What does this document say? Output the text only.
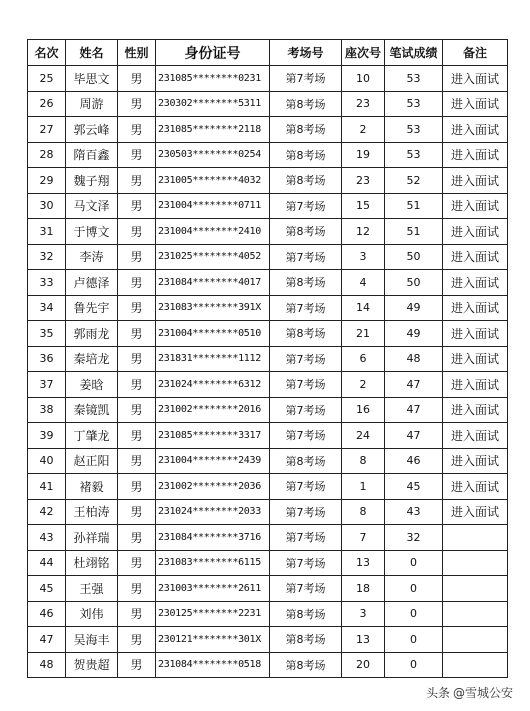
名次	姓名	性别	身份证号	考场号	座次号	笔试成绩	备注
25	毕思文	男	231085********0231	第7考场	10	53	进入面试
26	周游	男	230302********5311	第8考场	23	53	进入面试
27	郭云峰	男	231085********2118	第8考场	2	53	进入面试
28	隋百鑫	男	230503********0254	第8考场	19	53	进入面试
29	魏子翔	男	231005********4032	第8考场	23	52	进入面试
30	马文泽	男	231004********0711	第7考场	15	51	进入面试
31	于博文	男	231004********2410	第8考场	12	51	进入面试
32	李涛	男	231025********4052	第7考场	3	50	进入面试
33	卢德泽	男	231084********4017	第8考场	4	50	进入面试
34	鲁先宇	男	231083********391X	第7考场	14	49	进入面试
35	郭雨龙	男	231004********0510	第8考场	21	49	进入面试
36	秦培龙	男	231831********1112	第7考场	6	48	进入面试
37	姜晗	男	231024********6312	第7考场	2	47	进入面试
38	秦镜凯	男	231002********2016	第7考场	16	47	进入面试
39	丁肇龙	男	231085********3317	第7考场	24	47	进入面试
40	赵正阳	男	231004********2439	第8考场	8	46	进入面试
41	褚毅	男	231002********2036	第7考场	1	45	进入面试
42	王柏涛	男	231024********2033	第7考场	8	43	进入面试
43	孙祥瑞	男	231084********3716	第7考场	7	32	
44	杜翊铭	男	231083********6115	第7考场	13	0	
45	王强	男	231003********2611	第7考场	18	0	
46	刘伟	男	230125********2231	第8考场	3	0	
47	吴海丰	男	230121********301X	第8考场	13	0	
48	贺贵超	男	231084********0518	第8考场	20	0	
头条 @雪城公安
